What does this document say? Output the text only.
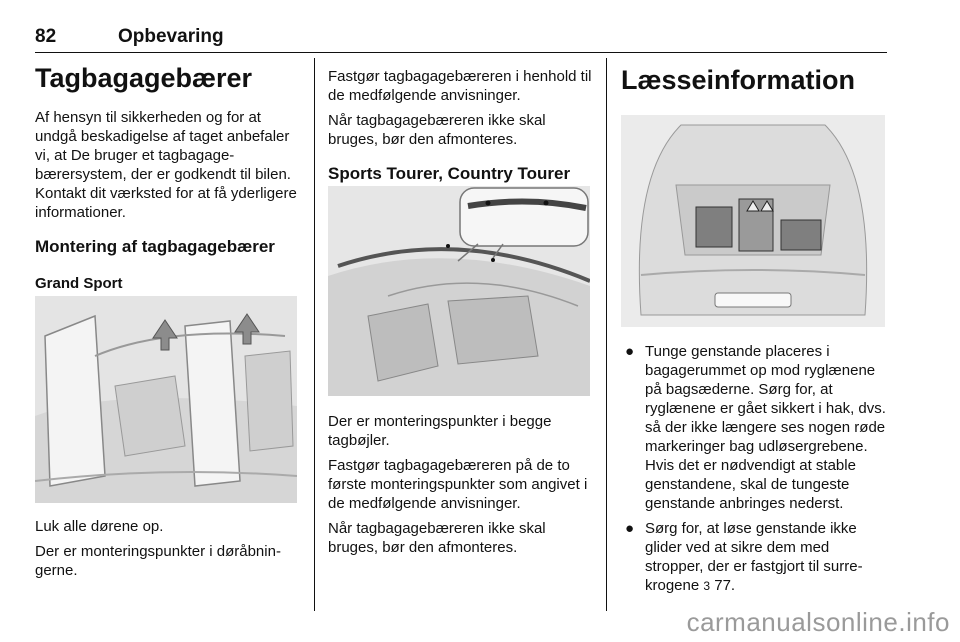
82	Opbevaring
Tagbagagebærer

Af hensyn til sikkerheden og for at undgå beskadigelse af taget anbefaler vi, at De bruger et tagbagagebærersystem, der er godkendt til bilen. Kontakt dit værksted for at få yderligere informationer.

Montering af tagbagagebærer
Grand Sport

Luk alle dørene op.

Der er monteringspunkter i døråbningerne.

Fastgør tagbagagebæreren i henhold til de medfølgende anvisninger.

Når tagbagagebæreren ikke skal bruges, bør den afmonteres.

Sports Tourer, Country Tourer

Der er monteringspunkter i begge tagbøjler.

Fastgør tagbagagebæreren på de to første monteringspunkter som angivet i de medfølgende anvisninger.

Når tagbagagebæreren ikke skal bruges, bør den afmonteres.

Læsseinformation
● Tunge genstande placeres i bagagerummet op mod ryglænene på bagsæderne. Sørg for, at ryglænene er gået sikkert i hak, dvs. så der ikke længere ses nogen røde markeringer bag udløsergrebene. Hvis det er nødvendigt at stable genstandene, skal de tungeste genstande anbringes nederst.
● Sørg for, at løse genstande ikke glider ved at sikre dem med stropper, der er fastgjort til surrekrogene 3 77.
carmanualsonline.info
